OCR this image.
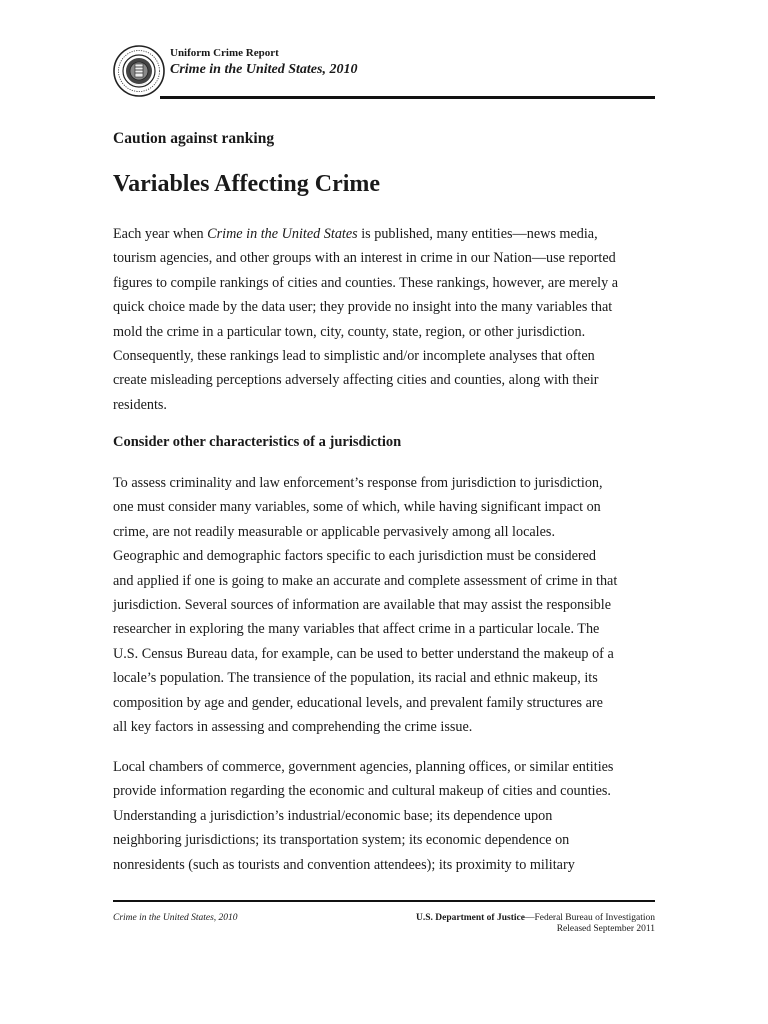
Uniform Crime Report
Crime in the United States, 2010
Caution against ranking
Variables Affecting Crime
Each year when Crime in the United States is published, many entities—news media,
tourism agencies, and other groups with an interest in crime in our Nation—use reported
figures to compile rankings of cities and counties. These rankings, however, are merely a
quick choice made by the data user; they provide no insight into the many variables that
mold the crime in a particular town, city, county, state, region, or other jurisdiction.
Consequently, these rankings lead to simplistic and/or incomplete analyses that often
create misleading perceptions adversely affecting cities and counties, along with their
residents.
Consider other characteristics of a jurisdiction
To assess criminality and law enforcement’s response from jurisdiction to jurisdiction,
one must consider many variables, some of which, while having significant impact on
crime, are not readily measurable or applicable pervasively among all locales.
Geographic and demographic factors specific to each jurisdiction must be considered
and applied if one is going to make an accurate and complete assessment of crime in that
jurisdiction. Several sources of information are available that may assist the responsible
researcher in exploring the many variables that affect crime in a particular locale. The
U.S. Census Bureau data, for example, can be used to better understand the makeup of a
locale’s population. The transience of the population, its racial and ethnic makeup, its
composition by age and gender, educational levels, and prevalent family structures are
all key factors in assessing and comprehending the crime issue.
Local chambers of commerce, government agencies, planning offices, or similar entities
provide information regarding the economic and cultural makeup of cities and counties.
Understanding a jurisdiction’s industrial/economic base; its dependence upon
neighboring jurisdictions; its transportation system; its economic dependence on
nonresidents (such as tourists and convention attendees); its proximity to military
Crime in the United States, 2010	U.S. Department of Justice—Federal Bureau of Investigation
Released September 2011
